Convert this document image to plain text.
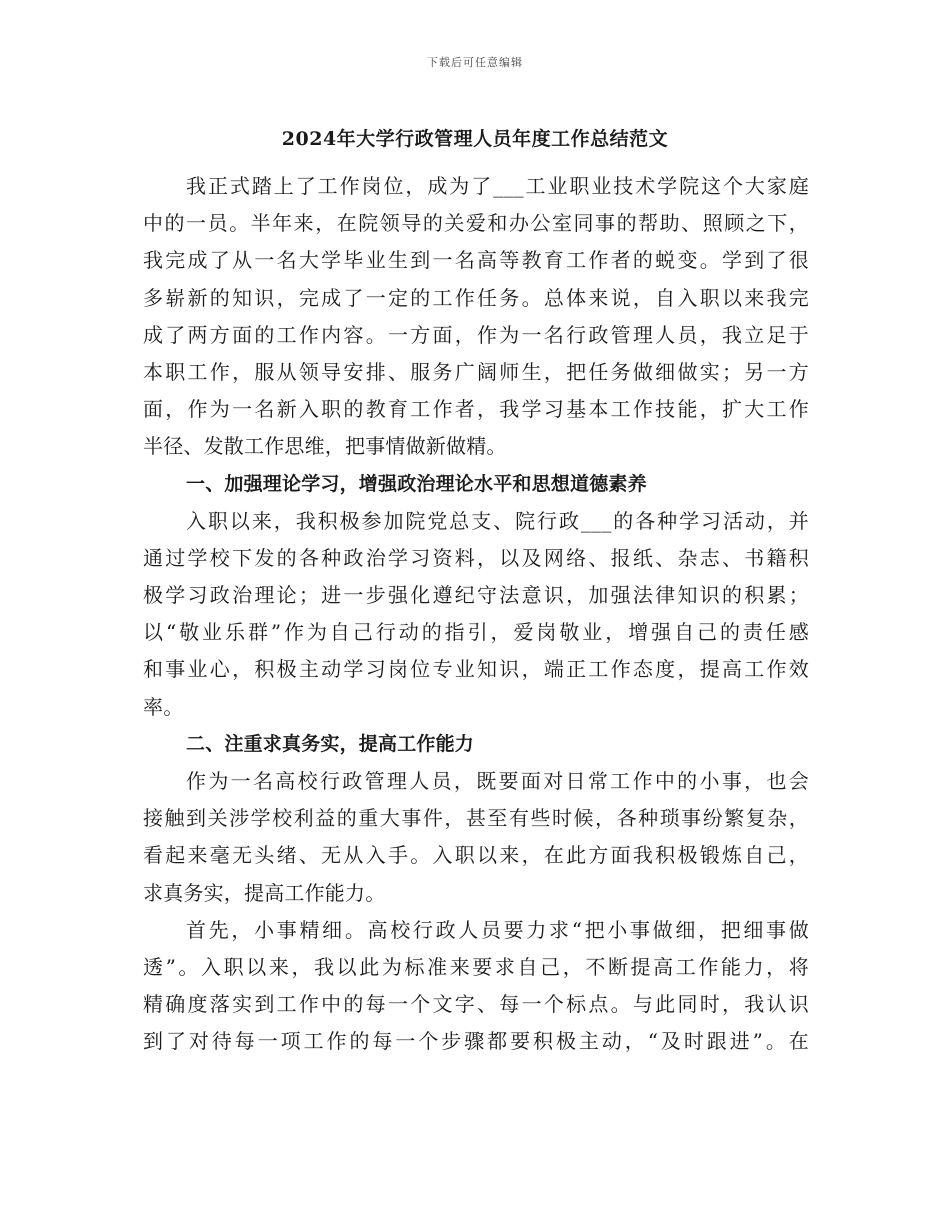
下载后可任意编辑
2024年大学行政管理人员年度工作总结范文
我正式踏上了工作岗位，成为了___工业职业技术学院这个大家庭
中的一员。半年来，在院领导的关爱和办公室同事的帮助、照顾之下，
我完成了从一名大学毕业生到一名高等教育工作者的蜕变。学到了很
多崭新的知识，完成了一定的工作任务。总体来说，自入职以来我完
成了两方面的工作内容。一方面，作为一名行政管理人员，我立足于
本职工作，服从领导安排、服务广阔师生，把任务做细做实；另一方
面，作为一名新入职的教育工作者，我学习基本工作技能，扩大工作
半径、发散工作思维，把事情做新做精。
一、加强理论学习，增强政治理论水平和思想道德素养
入职以来，我积极参加院党总支、院行政___的各种学习活动，并
通过学校下发的各种政治学习资料，以及网络、报纸、杂志、书籍积
极学习政治理论；进一步强化遵纪守法意识，加强法律知识的积累；
以“敬业乐群”作为自己行动的指引，爱岗敬业，增强自己的责任感
和事业心，积极主动学习岗位专业知识，端正工作态度，提高工作效
率。
二、注重求真务实，提高工作能力
作为一名高校行政管理人员，既要面对日常工作中的小事，也会
接触到关涉学校利益的重大事件，甚至有些时候，各种琐事纷繁复杂，
看起来毫无头绪、无从入手。入职以来，在此方面我积极锻炼自己，
求真务实，提高工作能力。
首先，小事精细。高校行政人员要力求“把小事做细，把细事做
透”。入职以来，我以此为标准来要求自己，不断提高工作能力，将
精确度落实到工作中的每一个文字、每一个标点。与此同时，我认识
到了对待每一项工作的每一个步骤都要积极主动，“及时跟进”。在
